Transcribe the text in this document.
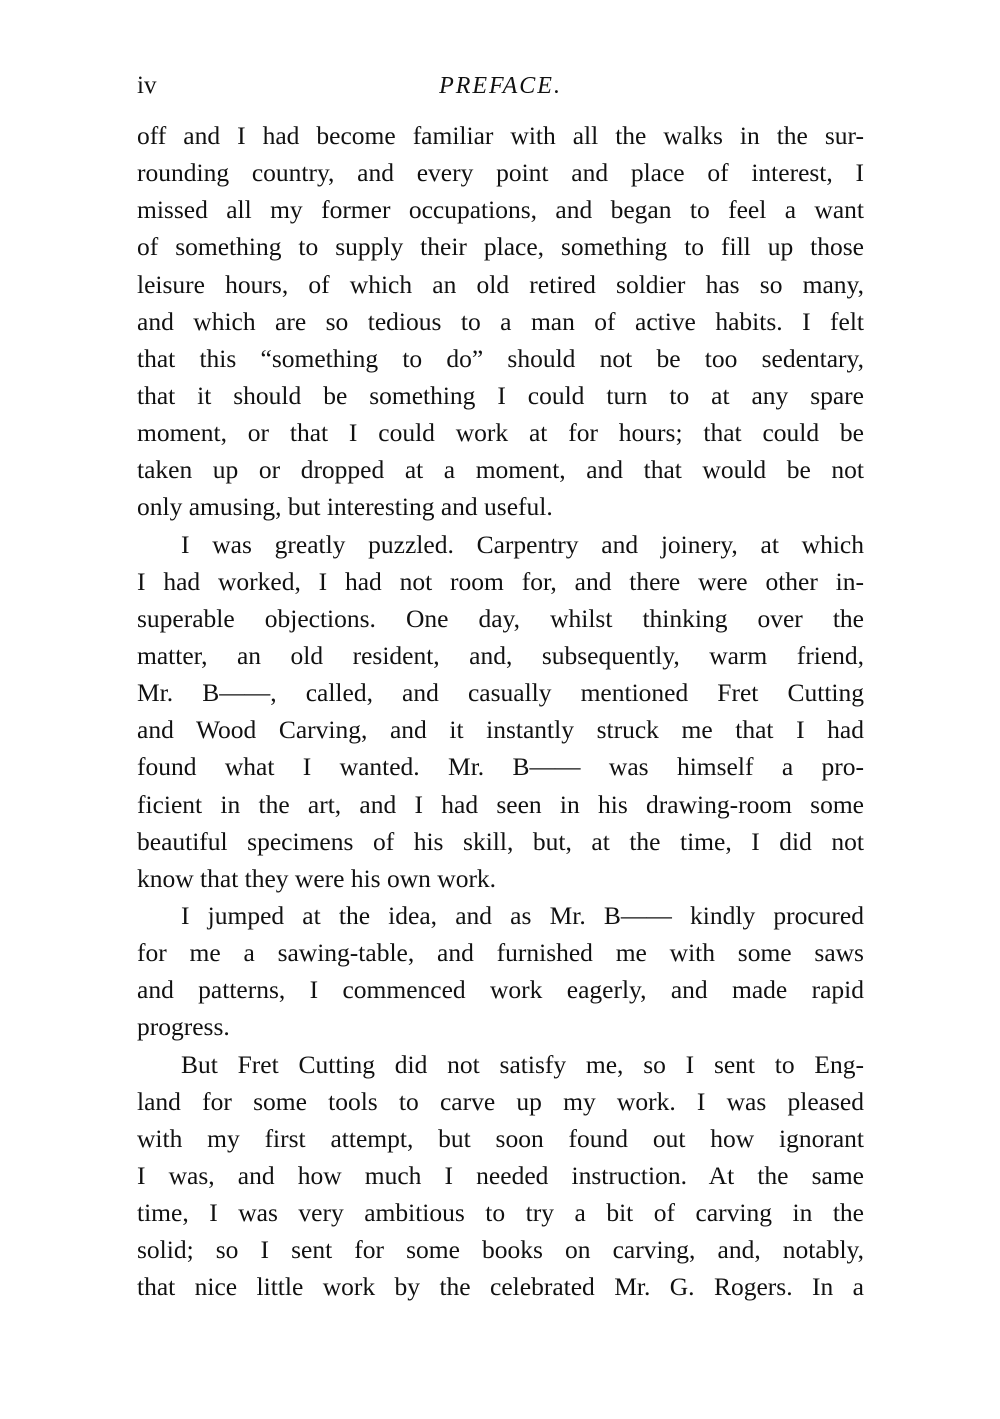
iv	PREFACE.
off and I had become familiar with all the walks in the sur-
rounding country, and every point and place of interest, I
missed all my former occupations, and began to feel a want
of something to supply their place, something to fill up those
leisure hours, of which an old retired soldier has so many,
and which are so tedious to a man of active habits. I felt
that this “something to do” should not be too sedentary,
that it should be something I could turn to at any spare
moment, or that I could work at for hours; that could be
taken up or dropped at a moment, and that would be not
only amusing, but interesting and useful.
I was greatly puzzled. Carpentry and joinery, at which
I had worked, I had not room for, and there were other in-
superable objections. One day, whilst thinking over the
matter, an old resident, and, subsequently, warm friend,
Mr. B——, called, and casually mentioned Fret Cutting
and Wood Carving, and it instantly struck me that I had
found what I wanted. Mr. B—— was himself a pro-
ficient in the art, and I had seen in his drawing-room some
beautiful specimens of his skill, but, at the time, I did not
know that they were his own work.
I jumped at the idea, and as Mr. B—— kindly procured
for me a sawing-table, and furnished me with some saws
and patterns, I commenced work eagerly, and made rapid
progress.
But Fret Cutting did not satisfy me, so I sent to Eng-
land for some tools to carve up my work. I was pleased
with my first attempt, but soon found out how ignorant
I was, and how much I needed instruction. At the same
time, I was very ambitious to try a bit of carving in the
solid; so I sent for some books on carving, and, notably,
that nice little work by the celebrated Mr. G. Rogers. In a
